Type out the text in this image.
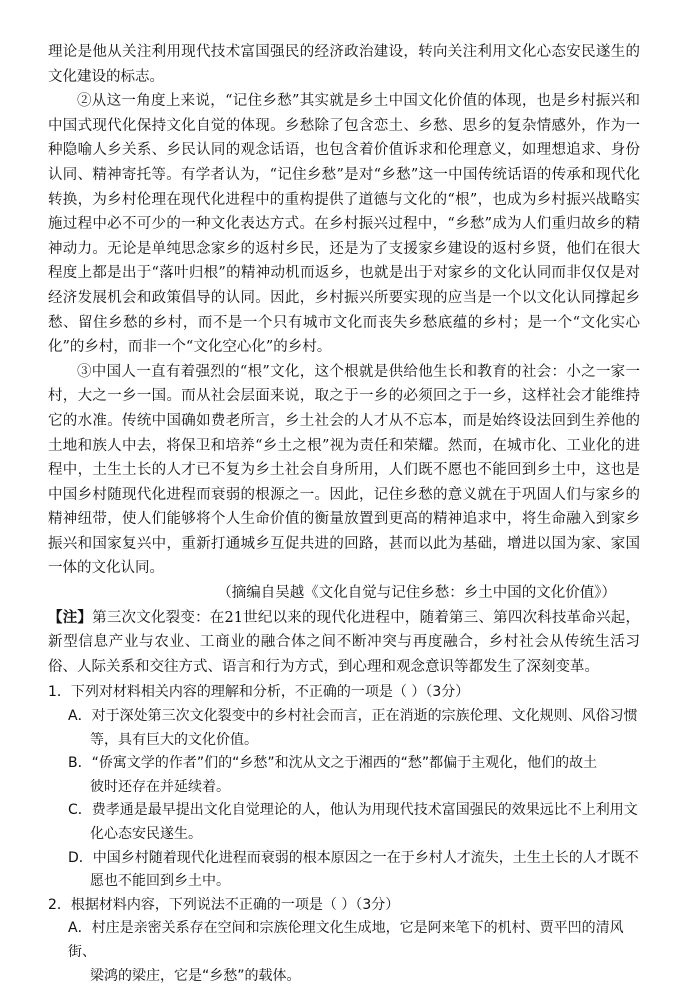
理论是他从关注利用现代技术富国强民的经济政治建设，转向关注利用文化心态安民遂生的文化建设的标志。

②从这一角度上来说，“记住乡愁”其实就是乡土中国文化价值的体现，也是乡村振兴和中国式现代化保持文化自觉的体现。乡愁除了包含恋土、乡愁、思乡的复杂情感外，作为一种隐喻人乡关系、乡民认同的观念话语，也包含着价值诉求和伦理意义，如理想追求、身份认同、精神寄托等。有学者认为，“记住乡愁”是对“乡愁”这一中国传统话语的传承和现代化转换，为乡村伦理在现代化进程中的重构提供了道德与文化的“根”，也成为乡村振兴战略实施过程中必不可少的一种文化表达方式。在乡村振兴过程中，“乡愁”成为人们重归故乡的精神动力。无论是单纯思念家乡的返村乡民，还是为了支援家乡建设的返村乡贤，他们在很大程度上都是出于“落叶归根”的精神动机而返乡，也就是出于对家乡的文化认同而非仅仅是对经济发展机会和政策倡导的认同。因此，乡村振兴所要实现的应当是一个以文化认同撑起乡愁、留住乡愁的乡村，而不是一个只有城市文化而丧失乡愁底蕴的乡村；是一个“文化实心化”的乡村，而非一个“文化空心化”的乡村。

③中国人一直有着强烈的“根”文化，这个根就是供给他生长和教育的社会：小之一家一村，大之一乡一国。而从社会层面来说，取之于一乡的必须回之于一乡，这样社会才能维持它的水准。传统中国确如费老所言，乡土社会的人才从不忘本，而是始终设法回到生养他的土地和族人中去，将保卫和培养“乡土之根”视为责任和荣耀。然而，在城市化、工业化的进程中，土生土长的人才已不复为乡土社会自身所用，人们既不愿也不能回到乡土中，这也是中国乡村随现代化进程而衰弱的根源之一。因此，记住乡愁的意义就在于巩固人们与家乡的精神纽带，使人们能够将个人生命价值的衡量放置到更高的精神追求中，将生命融入到家乡振兴和国家复兴中，重新打通城乡互促共进的回路，甚而以此为基础，增进以国为家、家国一体的文化认同。

（摘编自吴越《文化自觉与记住乡愁：乡土中国的文化价值》）

【注】第三次文化裂变：在21世纪以来的现代化进程中，随着第三、第四次科技革命兴起，新型信息产业与农业、工商业的融合体之间不断冲突与再度融合，乡村社会从传统生活习俗、人际关系和交往方式、语言和行为方式，到心理和观念意识等都发生了深刻变革。

1．下列对材料相关内容的理解和分析，不正确的一项是（ ）（3分）
A．对于深处第三次文化裂变中的乡村社会而言，正在消逝的宗族伦理、文化规则、风俗习惯
等，具有巨大的文化价值。
B．“侨寓文学的作者”们的“乡愁”和沈从文之于湘西的“愁”都偏于主观化，他们的故土
彼时还存在并延续着。
C．费孝通是最早提出文化自觉理论的人，他认为用现代技术富国强民的效果远比不上利用文
化心态安民遂生。
D．中国乡村随着现代化进程而衰弱的根本原因之一在于乡村人才流失，土生土长的人才既不
愿也不能回到乡土中。
2．根据材料内容，下列说法不正确的一项是（ ）（3分）
A．村庄是亲密关系存在空间和宗族伦理文化生成地，它是阿来笔下的机村、贾平凹的清风街、
梁鸿的梁庄，它是“乡愁”的载体。
